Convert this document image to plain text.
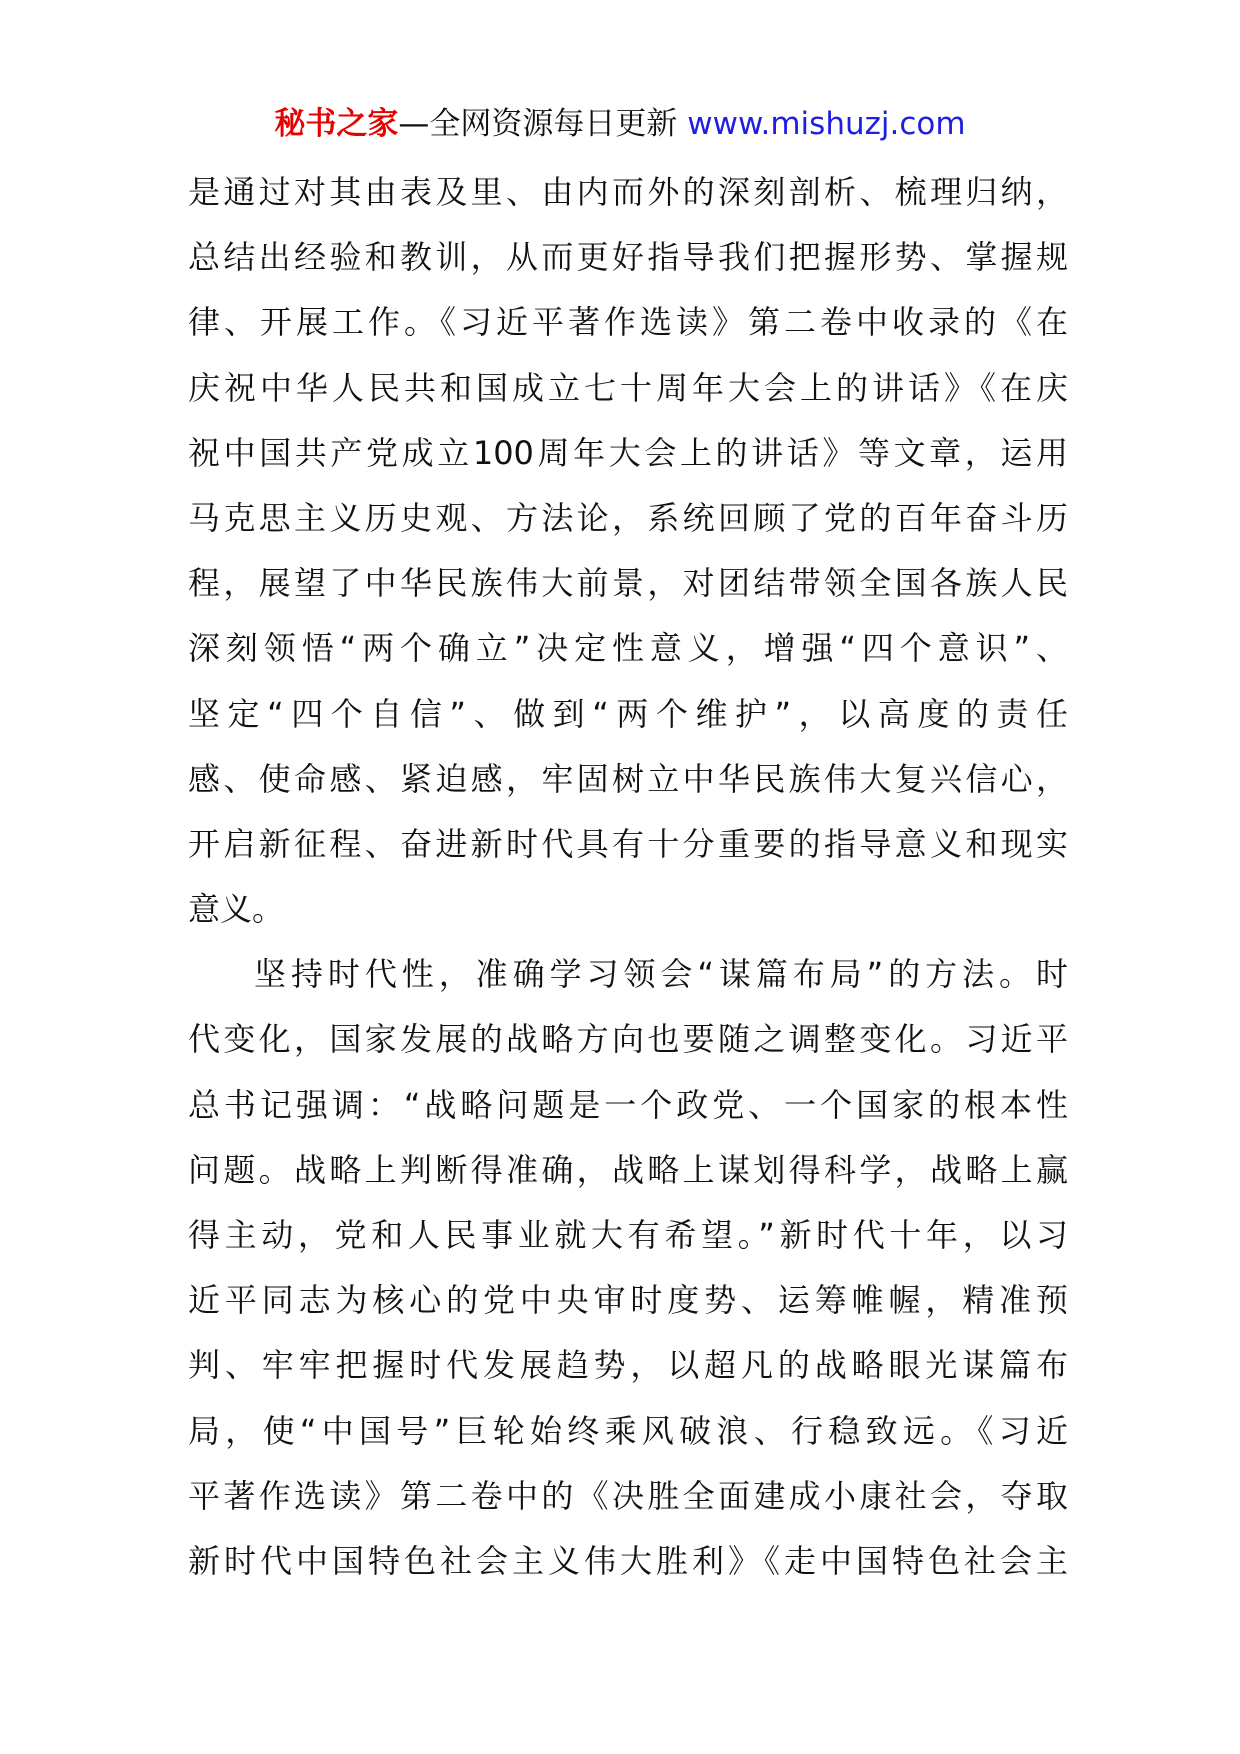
秘书之家—全网资源每日更新 www.mishuzj.com
是通过对其由表及里、由内而外的深刻剖析、梳理归纳，
总结出经验和教训，从而更好指导我们把握形势、掌握规
律、开展工作。《习近平著作选读》第二卷中收录的《在
庆祝中华人民共和国成立七十周年大会上的讲话》《在庆
祝中国共产党成立100周年大会上的讲话》等文章，运用
马克思主义历史观、方法论，系统回顾了党的百年奋斗历
程，展望了中华民族伟大前景，对团结带领全国各族人民
深刻领悟“两个确立”决定性意义，增强“四个意识”、
坚定“四个自信”、做到“两个维护”，以高度的责任
感、使命感、紧迫感，牢固树立中华民族伟大复兴信心，
开启新征程、奋进新时代具有十分重要的指导意义和现实
意义。
坚持时代性，准确学习领会“谋篇布局”的方法。时
代变化，国家发展的战略方向也要随之调整变化。习近平
总书记强调：“战略问题是一个政党、一个国家的根本性
问题。战略上判断得准确，战略上谋划得科学，战略上赢
得主动，党和人民事业就大有希望。”新时代十年，以习
近平同志为核心的党中央审时度势、运筹帷幄，精准预
判、牢牢把握时代发展趋势，以超凡的战略眼光谋篇布
局，使“中国号”巨轮始终乘风破浪、行稳致远。《习近
平著作选读》第二卷中的《决胜全面建成小康社会，夺取
新时代中国特色社会主义伟大胜利》《走中国特色社会主
